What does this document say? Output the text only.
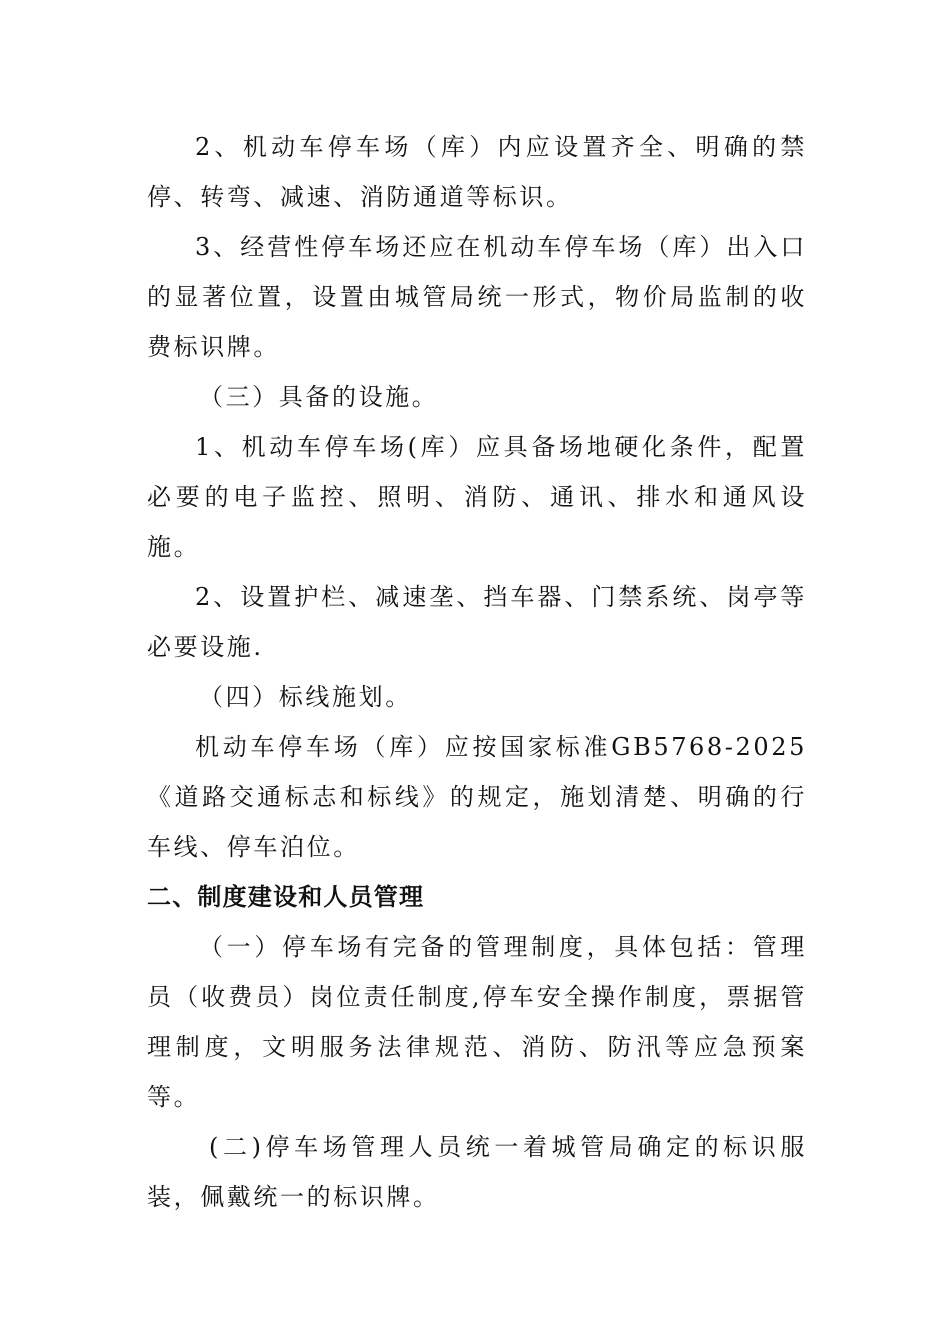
2、机动车停车场（库）内应设置齐全、明确的禁停、转弯、减速、消防通道等标识。

3、经营性停车场还应在机动车停车场（库）出入口的显著位置，设置由城管局统一形式，物价局监制的收费标识牌。

（三）具备的设施。

1、机动车停车场(库）应具备场地硬化条件，配置必要的电子监控、照明、消防、通讯、排水和通风设施。

2、设置护栏、减速垄、挡车器、门禁系统、岗亭等必要设施.

（四）标线施划。

机动车停车场（库）应按国家标准GB5768-2025《道路交通标志和标线》的规定，施划清楚、明确的行车线、停车泊位。

二、制度建设和人员管理

（一）停车场有完备的管理制度，具体包括：管理员（收费员）岗位责任制度,停车安全操作制度，票据管理制度，文明服务法律规范、消防、防汛等应急预案等。

(二)停车场管理人员统一着城管局确定的标识服装，佩戴统一的标识牌。
